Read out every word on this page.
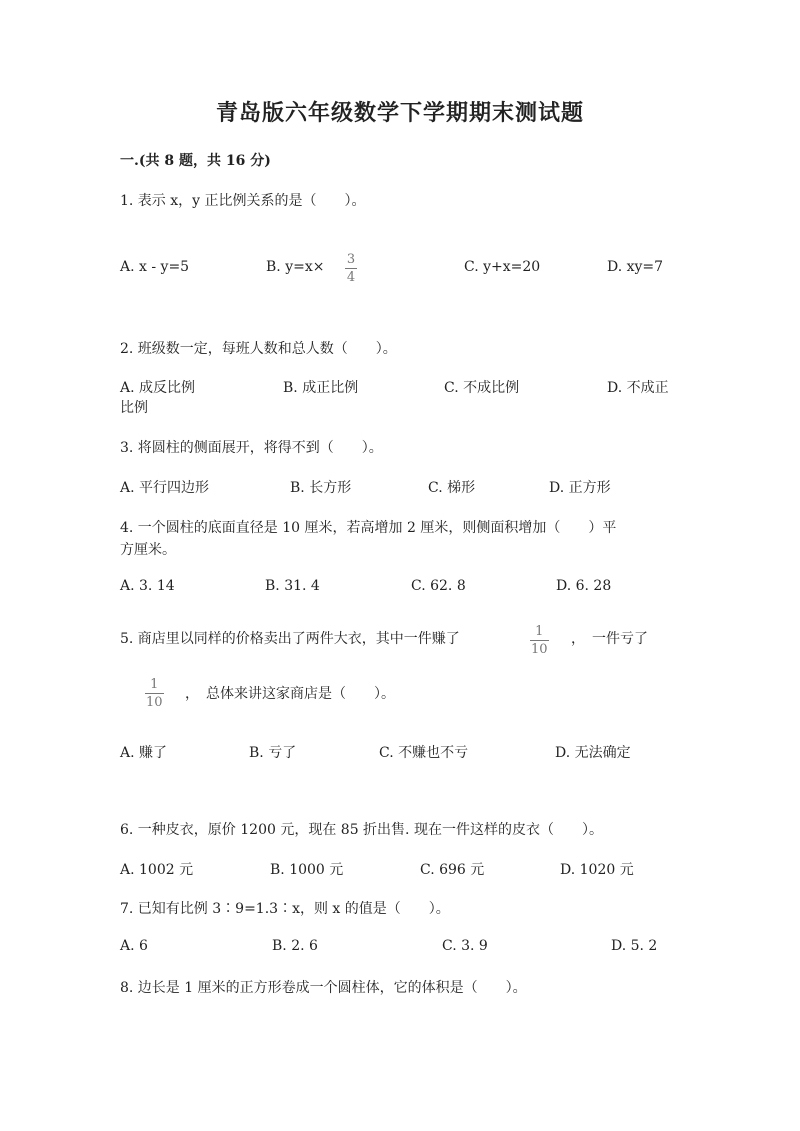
青岛版六年级数学下学期期末测试题
一.(共 8 题，共 16 分)
1. 表示 x，y 正比例关系的是（　　）。
A. x - y=5	B. y=x× 3
4
C. y+x=20	D. xy=7
2. 班级数一定，每班人数和总人数（　　）。
A. 成反比例	B. 成正比例	C. 不成比例	D. 不成正
比例
3. 将圆柱的侧面展开，将得不到（　　）。
A. 平行四边形	B. 长方形	C. 梯形	D. 正方形
4. 一个圆柱的底面直径是 10 厘米，若高增加 2 厘米，则侧面积增加（　　）平
方厘米。
A. 3. 14	B. 31. 4	C. 62. 8	D. 6. 28
5. 商店里以同样的价格卖出了两件大衣，其中一件赚了	1
10
，　一件亏了
1
10
，　总体来讲这家商店是（　　）。
A. 赚了	B. 亏了	C. 不赚也不亏	D. 无法确定
6. 一种皮衣，原价 1200 元，现在 85 折出售. 现在一件这样的皮衣（　　）。
A. 1002 元	B. 1000 元	C. 696 元	D. 1020 元
7. 已知有比例 3∶9=1.3∶x，则 x 的值是（　　）。
A. 6	B. 2. 6	C. 3. 9	D. 5. 2
8. 边长是 1 厘米的正方形卷成一个圆柱体，它的体积是（　　）。
